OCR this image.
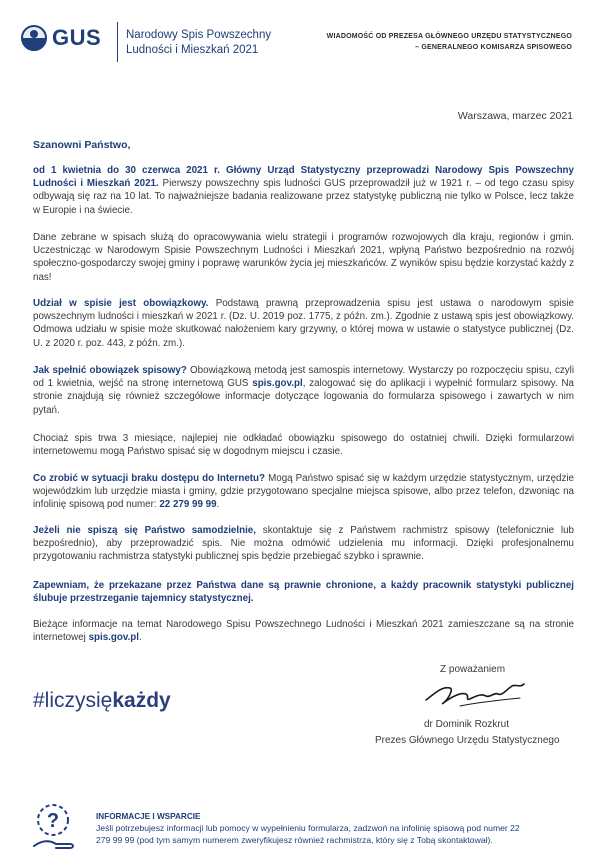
GUS Narodowy Spis Powszechny
Ludności i Mieszkań 2021
WIADOMOŚĆ OD PREZESA GŁÓWNEGO URZĘDU STATYSTYCZNEGO
– GENERALNEGO KOMISARZA SPISOWEGO
Warszawa, marzec 2021
Szanowni Państwo,
od 1 kwietnia do 30 czerwca 2021 r. Główny Urząd Statystyczny przeprowadzi Narodowy Spis Powszechny Ludności i Mieszkań 2021. Pierwszy powszechny spis ludności GUS przeprowadził już w 1921 r. – od tego czasu spisy odbywają się raz na 10 lat. To najważniejsze badania realizowane przez statystykę publiczną nie tylko w Polsce, lecz także w Europie i na świecie.
Dane zebrane w spisach służą do opracowywania wielu strategii i programów rozwojowych dla kraju, regionów i gmin. Uczestnicząc w Narodowym Spisie Powszechnym Ludności i Mieszkań 2021, wpłyną Państwo bezpośrednio na rozwój społeczno-gospodarczy swojej gminy i poprawę warunków życia jej mieszkańców. Z wyników spisu będzie korzystać każdy z nas!
Udział w spisie jest obowiązkowy. Podstawą prawną przeprowadzenia spisu jest ustawa o narodowym spisie powszechnym ludności i mieszkań w 2021 r. (Dz. U. 2019 poz. 1775, z późn. zm.). Zgodnie z ustawą spis jest obowiązkowy. Odmowa udziału w spisie może skutkować nałożeniem kary grzywny, o której mowa w ustawie o statystyce publicznej (Dz. U. z 2020 r. poz. 443, z późn. zm.).
Jak spełnić obowiązek spisowy? Obowiązkową metodą jest samospis internetowy. Wystarczy po rozpoczęciu spisu, czyli od 1 kwietnia, wejść na stronę internetową GUS spis.gov.pl, zalogować się do aplikacji i wypełnić formularz spisowy. Na stronie znajdują się również szczegółowe informacje dotyczące logowania do formularza spisowego i zawartych w nim pytań.
Chociaż spis trwa 3 miesiące, najlepiej nie odkładać obowiązku spisowego do ostatniej chwili. Dzięki formularzowi internetowemu mogą Państwo spisać się w dogodnym miejscu i czasie.
Co zrobić w sytuacji braku dostępu do Internetu? Mogą Państwo spisać się w każdym urzędzie statystycznym, urzędzie wojewódzkim lub urzędzie miasta i gminy, gdzie przygotowano specjalne miejsca spisowe, albo przez telefon, dzwoniąc na infolinię spisową pod numer: 22 279 99 99.
Jeżeli nie spiszą się Państwo samodzielnie, skontaktuje się z Państwem rachmistrz spisowy (telefonicznie lub bezpośrednio), aby przeprowadzić spis. Nie można odmówić udzielenia mu informacji. Dzięki profesjonalnemu przygotowaniu rachmistrza statystyki publicznej spis będzie przebiegać szybko i sprawnie.
Zapewniam, że przekazane przez Państwa dane są prawnie chronione, a każdy pracownik statystyki publicznej ślubuje przestrzeganie tajemnicy statystycznej.
Bieżące informacje na temat Narodowego Spisu Powszechnego Ludności i Mieszkań 2021 zamieszczane są na stronie internetowej spis.gov.pl.
#liczysiękażdy
Z poważaniem
dr Dominik Rozkrut
Prezes Głównego Urzędu Statystycznego
?	INFORMACJE I WSPARCIE
Jeśli potrzebujesz informacji lub pomocy w wypełnieniu formularza, zadzwoń na infolinię spisową pod numer 22 279 99 99 (pod tym samym numerem zweryfikujesz również rachmistrza, który się z Tobą skontaktował).
